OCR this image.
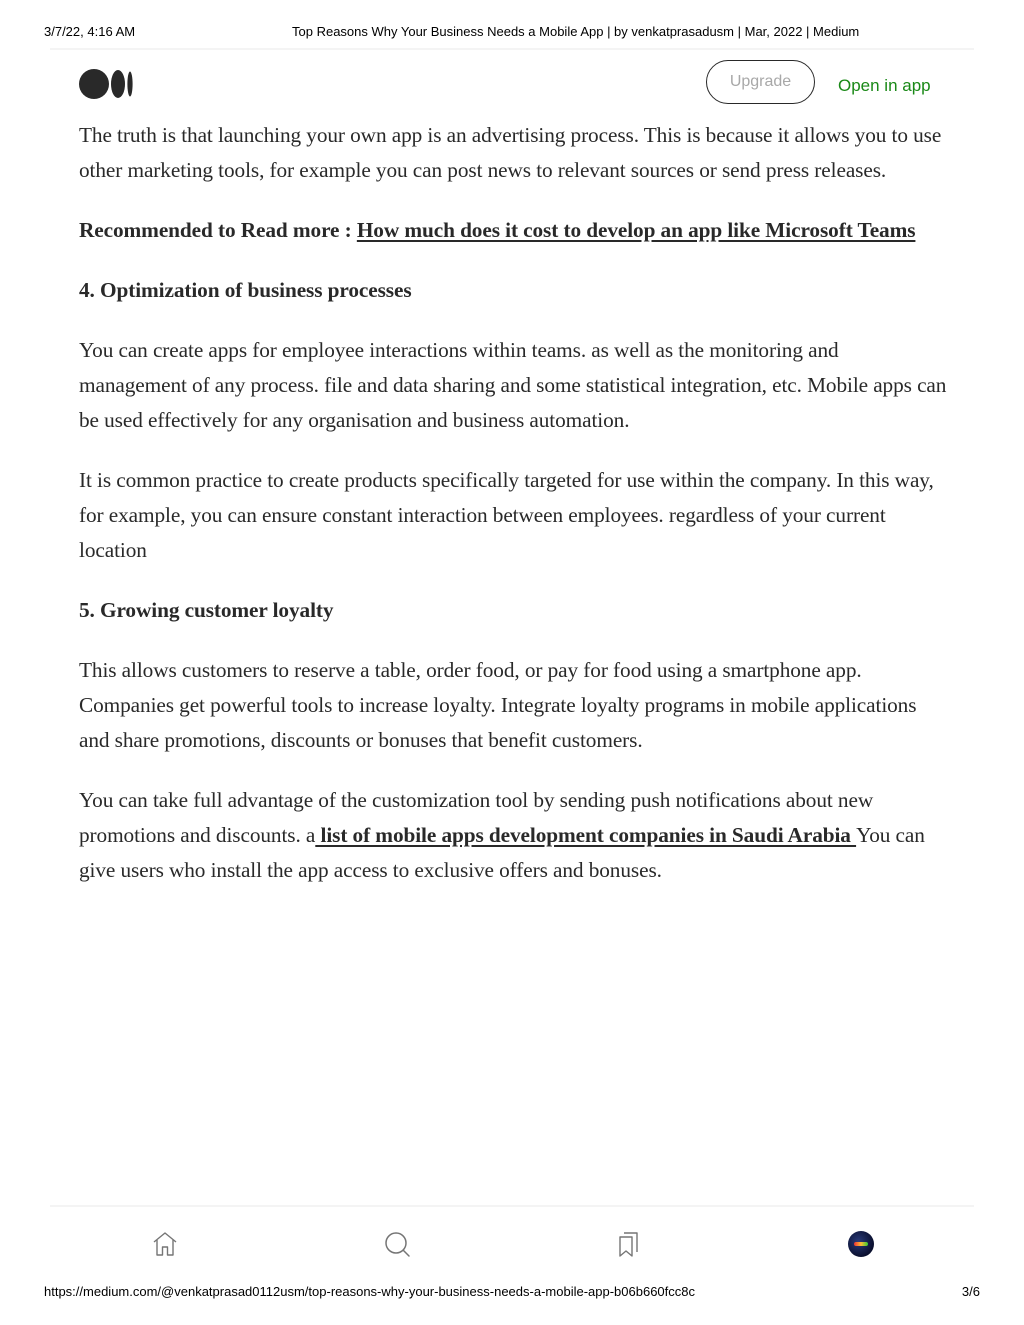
3/7/22, 4:16 AM	Top Reasons Why Your Business Needs a Mobile App | by venkatprasadusm | Mar, 2022 | Medium
Upgrade	Open in app

The truth is that launching your own app is an advertising process. This is because it allows you to use other marketing tools, for example you can post news to relevant sources or send press releases.

Recommended to Read more : How much does it cost to develop an app like Microsoft Teams

4. Optimization of business processes

You can create apps for employee interactions within teams. as well as the monitoring and management of any process. file and data sharing and some statistical integration, etc. Mobile apps can be used effectively for any organisation and business automation.

It is common practice to create products specifically targeted for use within the company. In this way, for example, you can ensure constant interaction between employees. regardless of your current location

5. Growing customer loyalty

This allows customers to reserve a table, order food, or pay for food using a smartphone app. Companies get powerful tools to increase loyalty. Integrate loyalty programs in mobile applications and share promotions, discounts or bonuses that benefit customers.

You can take full advantage of the customization tool by sending push notifications about new promotions and discounts. a list of mobile apps development companies in Saudi Arabia You can give users who install the app access to exclusive offers and bonuses.

https://medium.com/@venkatprasad0112usm/top-reasons-why-your-business-needs-a-mobile-app-b06b660fcc8c	3/6
